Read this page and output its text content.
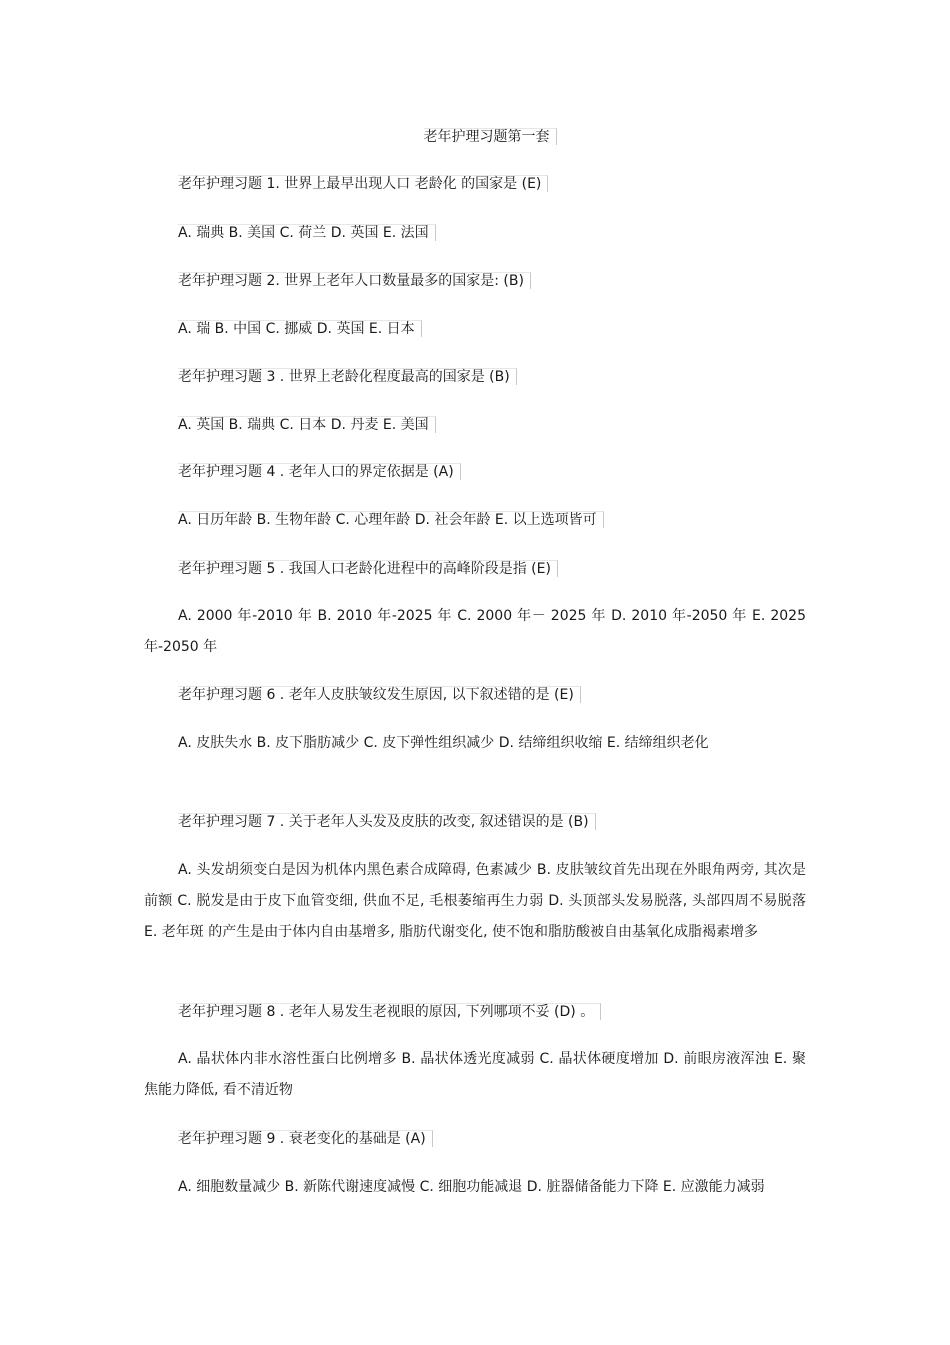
老年护理习题第一套
老年护理习题 1. 世界上最早出现人口 老龄化 的国家是 (E)
A. 瑞典 B. 美国 C. 荷兰 D. 英国 E. 法国
老年护理习题 2. 世界上老年人口数量最多的国家是: (B)
A. 瑞 B. 中国 C. 挪威 D. 英国 E. 日本
老年护理习题 3 . 世界上老龄化程度最高的国家是 (B)
A. 英国 B. 瑞典 C. 日本 D. 丹麦 E. 美国
老年护理习题 4 . 老年人口的界定依据是 (A)
A. 日历年龄 B. 生物年龄 C. 心理年龄 D. 社会年龄 E. 以上选项皆可
老年护理习题 5 . 我国人口老龄化进程中的高峰阶段是指 (E)
A. 2000 年-2010 年 B. 2010 年-2025 年 C. 2000 年－ 2025 年 D. 2010 年-2050 年 E. 2025 年-2050 年
老年护理习题 6 . 老年人皮肤皱纹发生原因, 以下叙述错的是 (E)
A. 皮肤失水 B. 皮下脂肪减少 C. 皮下弹性组织减少 D. 结缔组织收缩 E. 结缔组织老化
老年护理习题 7 . 关于老年人头发及皮肤的改变, 叙述错误的是 (B)
A. 头发胡须变白是因为机体内黑色素合成障碍, 色素减少 B. 皮肤皱纹首先出现在外眼角两旁, 其次是前额 C. 脱发是由于皮下血管变细, 供血不足, 毛根萎缩再生力弱 D. 头顶部头发易脱落, 头部四周不易脱落 E. 老年斑 的产生是由于体内自由基增多, 脂肪代谢变化, 使不饱和脂肪酸被自由基氧化成脂褐素增多
老年护理习题 8 . 老年人易发生老视眼的原因, 下列哪项不妥 (D) 。
A. 晶状体内非水溶性蛋白比例增多 B. 晶状体透光度减弱 C. 晶状体硬度增加 D. 前眼房液浑浊 E. 聚焦能力降低, 看不清近物
老年护理习题 9 . 衰老变化的基础是 (A)
A. 细胞数量减少 B. 新陈代谢速度减慢 C. 细胞功能减退 D. 脏器储备能力下降 E. 应激能力减弱
